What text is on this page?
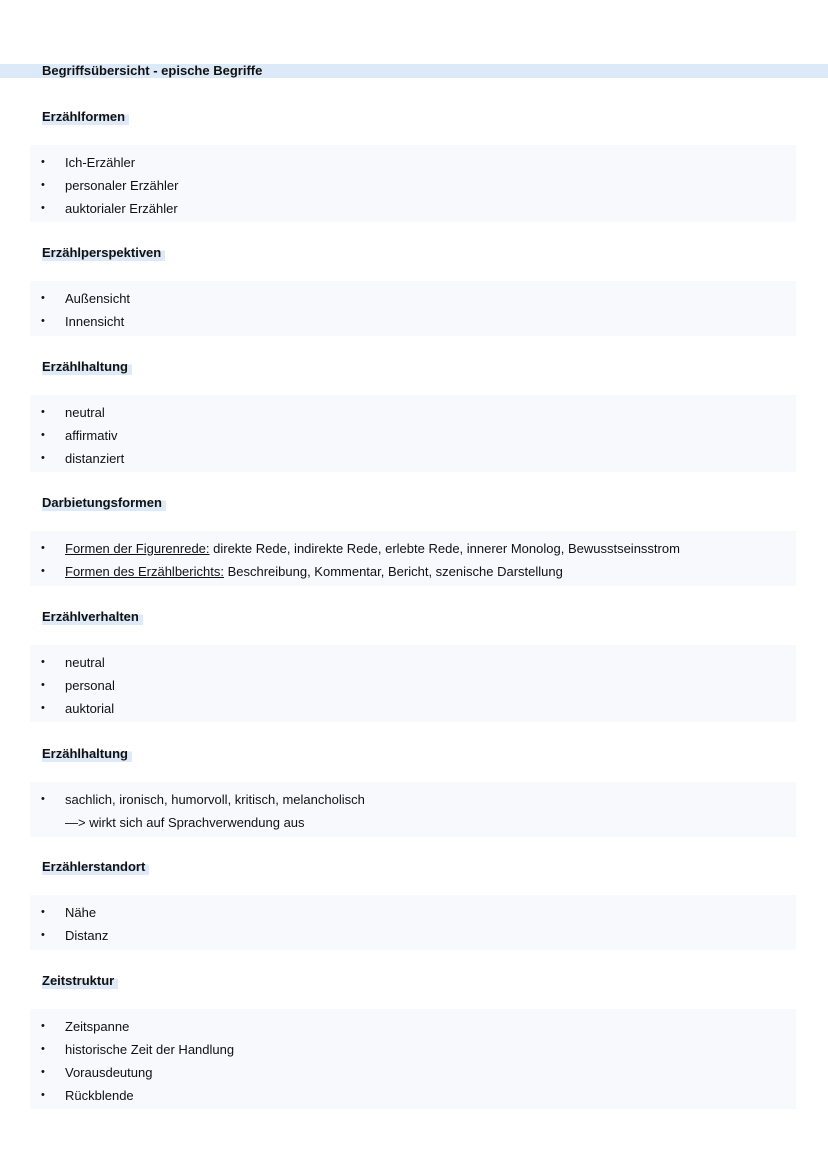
Begriffsübersicht - epische Begriffe
Erzählformen
• Ich-Erzähler
• personaler Erzähler
• auktorialer Erzähler
Erzählperspektiven
• Außensicht
• Innensicht
Erzählhaltung
• neutral
• affirmativ
• distanziert
Darbietungsformen
• Formen der Figurenrede: direkte Rede, indirekte Rede, erlebte Rede, innerer Monolog, Bewusstseinsstrom
• Formen des Erzählberichts: Beschreibung, Kommentar, Bericht, szenische Darstellung
Erzählverhalten
• neutral
• personal
• auktorial
Erzählhaltung
• sachlich, ironisch, humorvoll, kritisch, melancholisch
—> wirkt sich auf Sprachverwendung aus
Erzählerstandort
• Nähe
• Distanz
Zeitstruktur
• Zeitspanne
• historische Zeit der Handlung
• Vorausdeutung
• Rückblende
